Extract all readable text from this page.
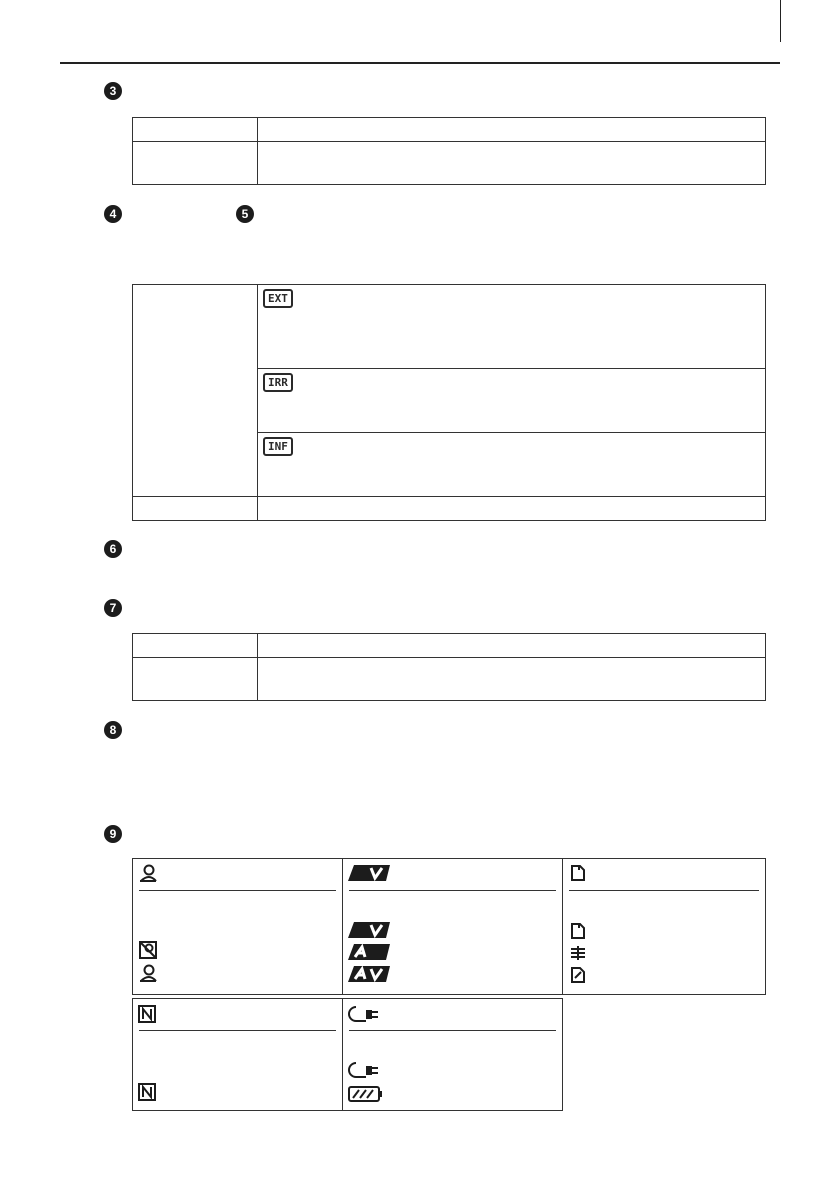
3
4	5
EXT
IRR
INF
6
7
8
9
